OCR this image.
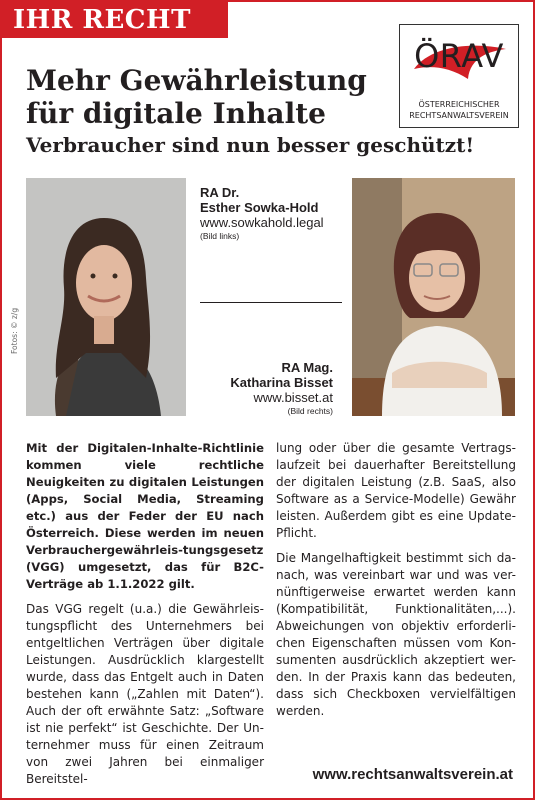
IHR RECHT
ÖRAV
ÖSTERREICHISCHER
RECHTSANWALTSVEREIN
Mehr Gewährleistung
für digitale Inhalte
Verbraucher sind nun besser geschützt!
Fotos: © z/g
RA Dr.
Esther Sowka-Hold
www.sowkahold.legal
(Bild links)
RA Mag.
Katharina Bisset
www.bisset.at
(Bild rechts)

Mit der Digitalen-Inhalte-Richtlinie kommen viele rechtliche Neuigkeiten zu digitalen Leistungen (Apps, Social Media, Streaming etc.) aus der Feder der EU nach Österreich. Diese werden im neuen Verbrauchergewährleis-tungsgesetz (VGG) umgesetzt, das für B2C-Verträge ab 1.1.2022 gilt.

Das VGG regelt (u.a.) die Gewährleis-tungspflicht des Unternehmers bei entgeltlichen Verträgen über digitale Leistungen. Ausdrücklich klargestellt wurde, dass das Entgelt auch in Daten bestehen kann („Zahlen mit Daten“). Auch der oft erwähnte Satz: „Software ist nie perfekt“ ist Geschichte. Der Un-ternehmer muss für einen Zeitraum von zwei Jahren bei einmaliger Bereitstel-

lung oder über die gesamte Vertrags-laufzeit bei dauerhafter Bereitstellung der digitalen Leistung (z.B. SaaS, also Software as a Service-Modelle) Gewähr leisten. Außerdem gibt es eine Update-Pflicht.

Die Mangelhaftigkeit bestimmt sich da-nach, was vereinbart war und was ver-nünftigerweise erwartet werden kann (Kompatibilität, Funktionalitäten,...). Abweichungen von objektiv erforderli-chen Eigenschaften müssen vom Kon-sumenten ausdrücklich akzeptiert wer-den. In der Praxis kann das bedeuten, dass sich Checkboxen vervielfältigen werden.

www.rechtsanwaltsverein.at
